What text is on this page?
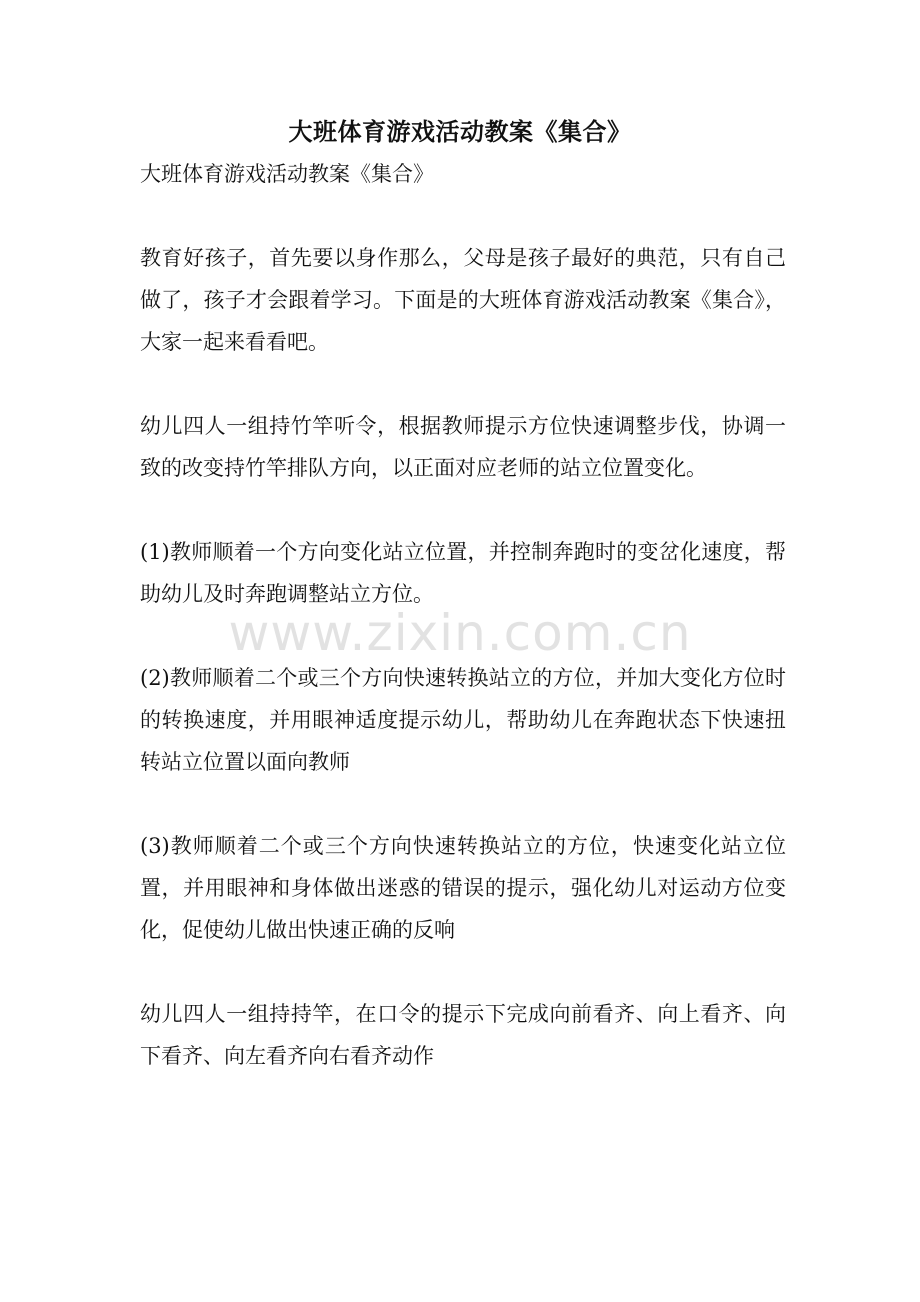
大班体育游戏活动教案《集合》

大班体育游戏活动教案《集合》

教育好孩子，首先要以身作那么，父母是孩子最好的典范，只有自己做了，孩子才会跟着学习。下面是的大班体育游戏活动教案《集合》，大家一起来看看吧。

幼儿四人一组持竹竿听令，根据教师提示方位快速调整步伐，协调一致的改变持竹竿排队方向，以正面对应老师的站立位置变化。

(1)教师顺着一个方向变化站立位置，并控制奔跑时的变岔化速度，帮助幼儿及时奔跑调整站立方位。

(2)教师顺着二个或三个方向快速转换站立的方位，并加大变化方位时的转换速度，并用眼神适度提示幼儿，帮助幼儿在奔跑状态下快速扭转站立位置以面向教师

(3)教师顺着二个或三个方向快速转换站立的方位，快速变化站立位置，并用眼神和身体做出迷惑的错误的提示，强化幼儿对运动方位变化，促使幼儿做出快速正确的反响

幼儿四人一组持持竿，在口令的提示下完成向前看齐、向上看齐、向下看齐、向左看齐向右看齐动作

www.zixin.com.cn
